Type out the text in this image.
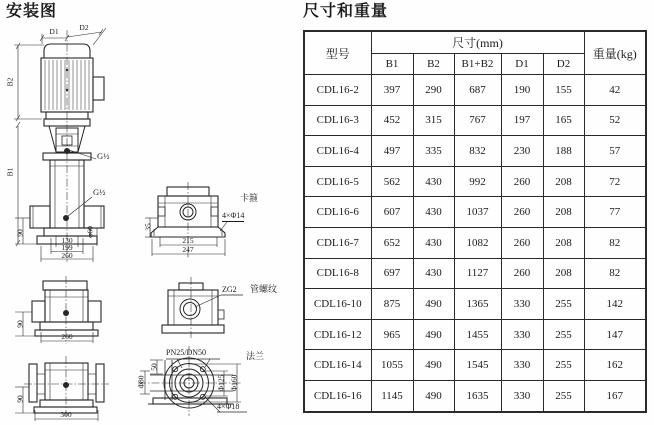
安装图
D1	D2
B2
B1
G½
G½
90	φ60
130
199
260
90
260
90
300
35
215
247
卡箍
4×Φ14
ZG2 管螺纹
PN25/DN50	法兰
50
Φ80	Φ125 Φ160
4×Φ18
尺寸和重量
型号	尺寸(mm)					重量(kg)
	B1	B2	B1+B2	D1	D2	
CDL16-2	397	290	687	190	155	42
CDL16-3	452	315	767	197	165	52
CDL16-4	497	335	832	230	188	57
CDL16-5	562	430	992	260	208	72
CDL16-6	607	430	1037	260	208	77
CDL16-7	652	430	1082	260	208	82
CDL16-8	697	430	1127	260	208	82
CDL16-10	875	490	1365	330	255	142
CDL16-12	965	490	1455	330	255	147
CDL16-14	1055	490	1545	330	255	162
CDL16-16	1145	490	1635	330	255	167
